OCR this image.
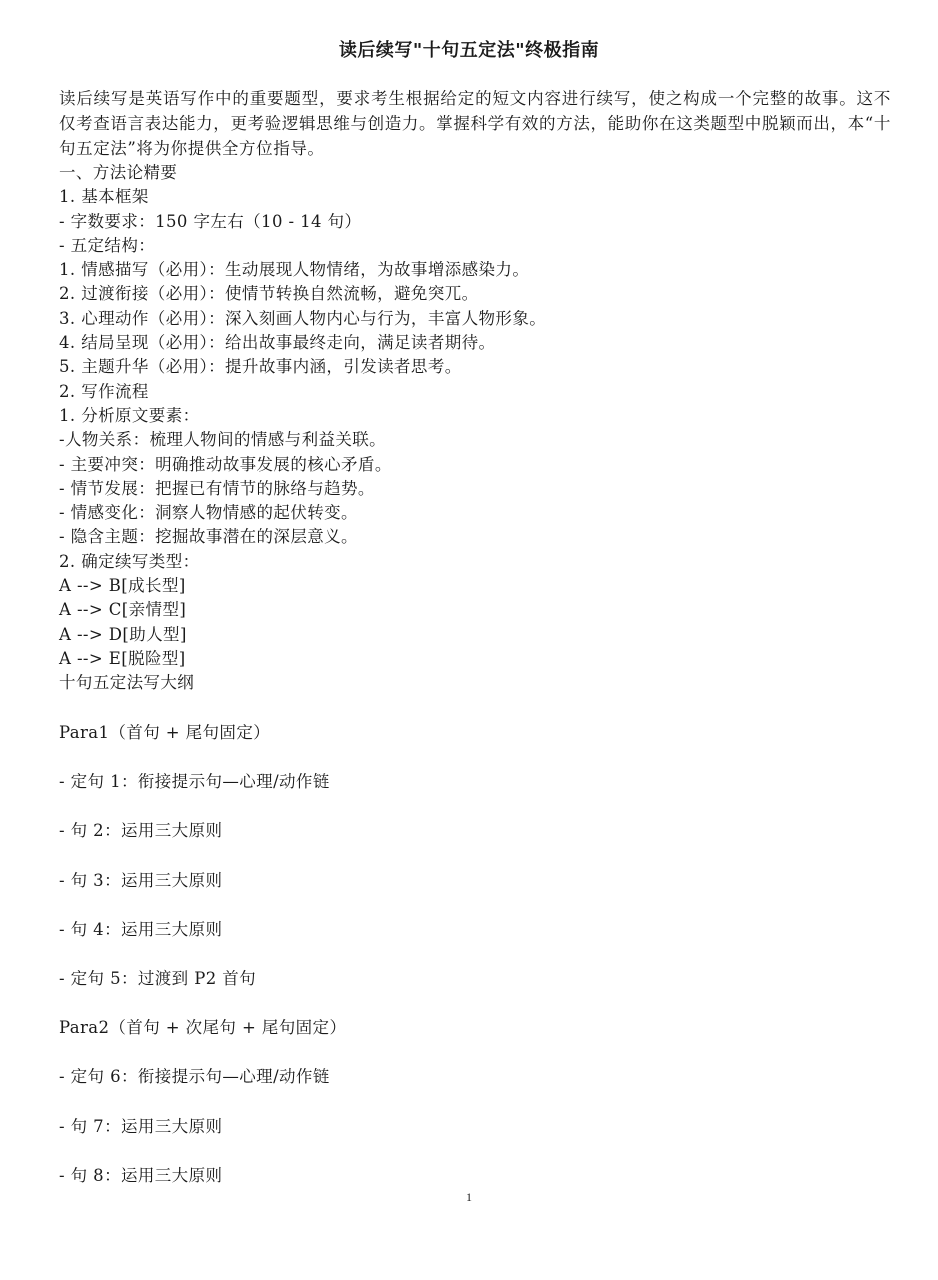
读后续写"十句五定法"终极指南

读后续写是英语写作中的重要题型，要求考生根据给定的短文内容进行续写，使之构成一个完整的故事。这不仅考查语言表达能力，更考验逻辑思维与创造力。掌握科学有效的方法，能助你在这类题型中脱颖而出，本“十句五定法”将为你提供全方位指导。

一、方法论精要
1. 基本框架
- 字数要求：150 字左右（10 - 14 句）
- 五定结构：
1. 情感描写（必用）：生动展现人物情绪，为故事增添感染力。
2. 过渡衔接（必用）：使情节转换自然流畅，避免突兀。
3. 心理动作（必用）：深入刻画人物内心与行为，丰富人物形象。
4. 结局呈现（必用）：给出故事最终走向，满足读者期待。
5. 主题升华（必用）：提升故事内涵，引发读者思考。
2. 写作流程
1. 分析原文要素：
-人物关系：梳理人物间的情感与利益关联。
- 主要冲突：明确推动故事发展的核心矛盾。
- 情节发展：把握已有情节的脉络与趋势。
- 情感变化：洞察人物情感的起伏转变。
- 隐含主题：挖掘故事潜在的深层意义。
2. 确定续写类型：
A --> B[成长型]
A --> C[亲情型]
A --> D[助人型]
A --> E[脱险型]
十句五定法写大纲
Para1（首句 + 尾句固定）
- 定句 1：衔接提示句—心理/动作链
- 句 2：运用三大原则
- 句 3：运用三大原则
- 句 4：运用三大原则
- 定句 5：过渡到 P2 首句
Para2（首句 + 次尾句 + 尾句固定）
- 定句 6：衔接提示句—心理/动作链
- 句 7：运用三大原则
- 句 8：运用三大原则
1
